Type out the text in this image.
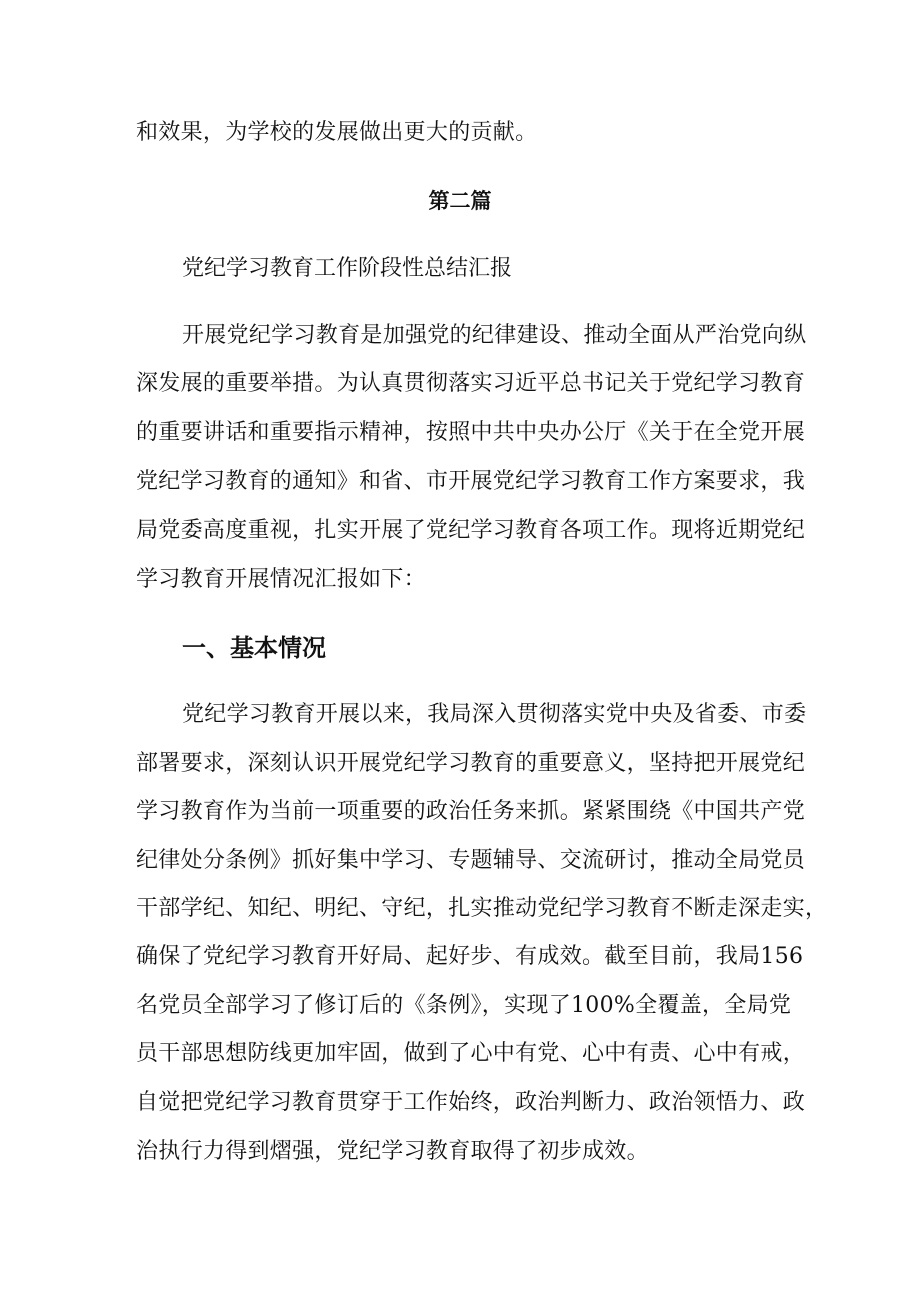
和效果，为学校的发展做出更大的贡献。
第二篇
党纪学习教育工作阶段性总结汇报
开展党纪学习教育是加强党的纪律建设、推动全面从严治党向纵
深发展的重要举措。为认真贯彻落实习近平总书记关于党纪学习教育
的重要讲话和重要指示精神，按照中共中央办公厅《关于在全党开展
党纪学习教育的通知》和省、市开展党纪学习教育工作方案要求，我
局党委高度重视，扎实开展了党纪学习教育各项工作。现将近期党纪
学习教育开展情况汇报如下：
一、基本情况
党纪学习教育开展以来，我局深入贯彻落实党中央及省委、市委
部署要求，深刻认识开展党纪学习教育的重要意义，坚持把开展党纪
学习教育作为当前一项重要的政治任务来抓。紧紧围绕《中国共产党
纪律处分条例》抓好集中学习、专题辅导、交流研讨，推动全局党员
干部学纪、知纪、明纪、守纪，扎实推动党纪学习教育不断走深走实，
确保了党纪学习教育开好局、起好步、有成效。截至目前，我局156
名党员全部学习了修订后的《条例》，实现了100%全覆盖，全局党
员干部思想防线更加牢固，做到了心中有党、心中有责、心中有戒，
自觉把党纪学习教育贯穿于工作始终，政治判断力、政治领悟力、政
治执行力得到熠强，党纪学习教育取得了初步成效。
